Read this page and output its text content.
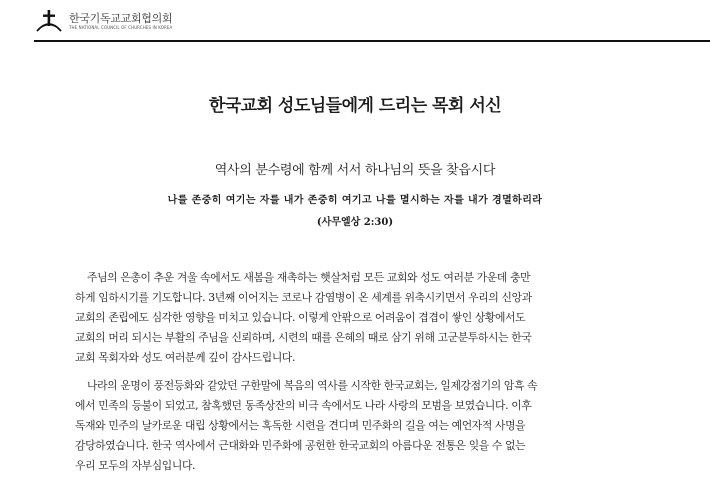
한국기독교교회협의회
THE NATIONAL COUNCIL OF CHURCHES IN KOREA
한국교회 성도님들에게 드리는 목회 서신
역사의 분수령에 함께 서서 하나님의 뜻을 찾읍시다
나를 존중히 여기는 자를 내가 존중히 여기고 나를 멸시하는 자를 내가 경멸하리라
(사무엘상 2:30)

주님의 은총이 추운 겨울 속에서도 새봄을 재촉하는 햇살처럼 모든 교회와 성도 여러분 가운데 충만
하게 임하시기를 기도합니다. 3년째 이어지는 코로나 감염병이 온 세계를 위축시키면서 우리의 신앙과
교회의 존립에도 심각한 영향을 미치고 있습니다. 이렇게 안팎으로 어려움이 겹겹이 쌓인 상황에서도
교회의 머리 되시는 부활의 주님을 신뢰하며, 시련의 때를 은혜의 때로 삼기 위해 고군분투하시는 한국
교회 목회자와 성도 여러분께 깊이 감사드립니다.

나라의 운명이 풍전등화와 같았던 구한말에 복음의 역사를 시작한 한국교회는, 일제강점기의 암흑 속
에서 민족의 등불이 되었고, 참혹했던 동족상잔의 비극 속에서도 나라 사랑의 모범을 보였습니다. 이후
독재와 민주의 날카로운 대립 상황에서는 혹독한 시련을 견디며 민주화의 길을 여는 예언자적 사명을
감당하였습니다. 한국 역사에서 근대화와 민주화에 공헌한 한국교회의 아름다운 전통은 잊을 수 없는
우리 모두의 자부심입니다.
